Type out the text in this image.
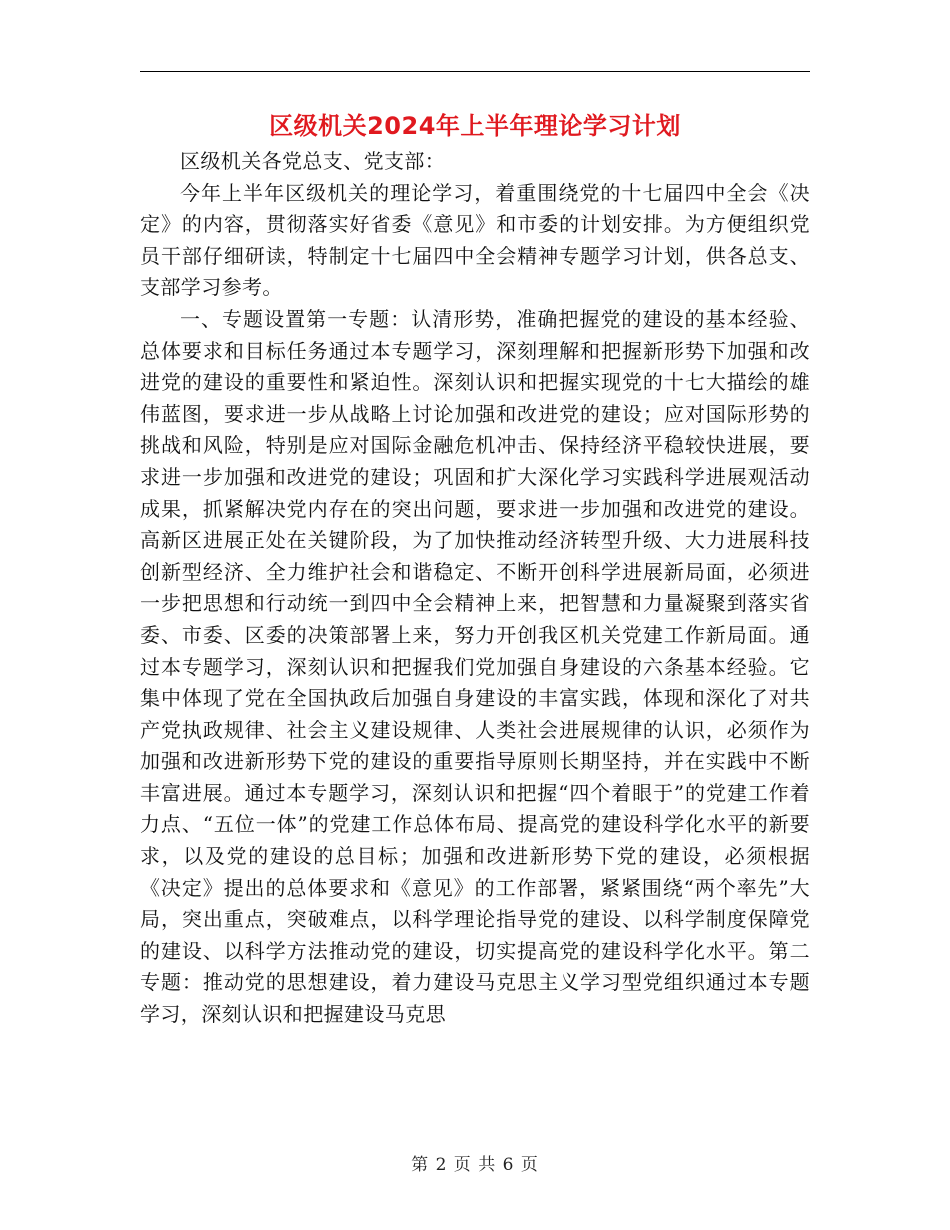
区级机关2024年上半年理论学习计划

区级机关各党总支、党支部：

今年上半年区级机关的理论学习，着重围绕党的十七届四中全会《决定》的内容，贯彻落实好省委《意见》和市委的计划安排。为方便组织党员干部仔细研读，特制定十七届四中全会精神专题学习计划，供各总支、支部学习参考。

一、专题设置第一专题：认清形势，准确把握党的建设的基本经验、总体要求和目标任务通过本专题学习，深刻理解和把握新形势下加强和改进党的建设的重要性和紧迫性。深刻认识和把握实现党的十七大描绘的雄伟蓝图，要求进一步从战略上讨论加强和改进党的建设；应对国际形势的挑战和风险，特别是应对国际金融危机冲击、保持经济平稳较快进展，要求进一步加强和改进党的建设；巩固和扩大深化学习实践科学进展观活动成果，抓紧解决党内存在的突出问题，要求进一步加强和改进党的建设。高新区进展正处在关键阶段，为了加快推动经济转型升级、大力进展科技创新型经济、全力维护社会和谐稳定、不断开创科学进展新局面，必须进一步把思想和行动统一到四中全会精神上来，把智慧和力量凝聚到落实省委、市委、区委的决策部署上来，努力开创我区机关党建工作新局面。通过本专题学习，深刻认识和把握我们党加强自身建设的六条基本经验。它集中体现了党在全国执政后加强自身建设的丰富实践，体现和深化了对共产党执政规律、社会主义建设规律、人类社会进展规律的认识，必须作为加强和改进新形势下党的建设的重要指导原则长期坚持，并在实践中不断丰富进展。通过本专题学习，深刻认识和把握“四个着眼于”的党建工作着力点、“五位一体”的党建工作总体布局、提高党的建设科学化水平的新要求，以及党的建设的总目标；加强和改进新形势下党的建设，必须根据《决定》提出的总体要求和《意见》的工作部署，紧紧围绕“两个率先”大局，突出重点，突破难点，以科学理论指导党的建设、以科学制度保障党的建设、以科学方法推动党的建设，切实提高党的建设科学化水平。第二专题：推动党的思想建设，着力建设马克思主义学习型党组织通过本专题学习，深刻认识和把握建设马克思

第 2 页 共 6 页
